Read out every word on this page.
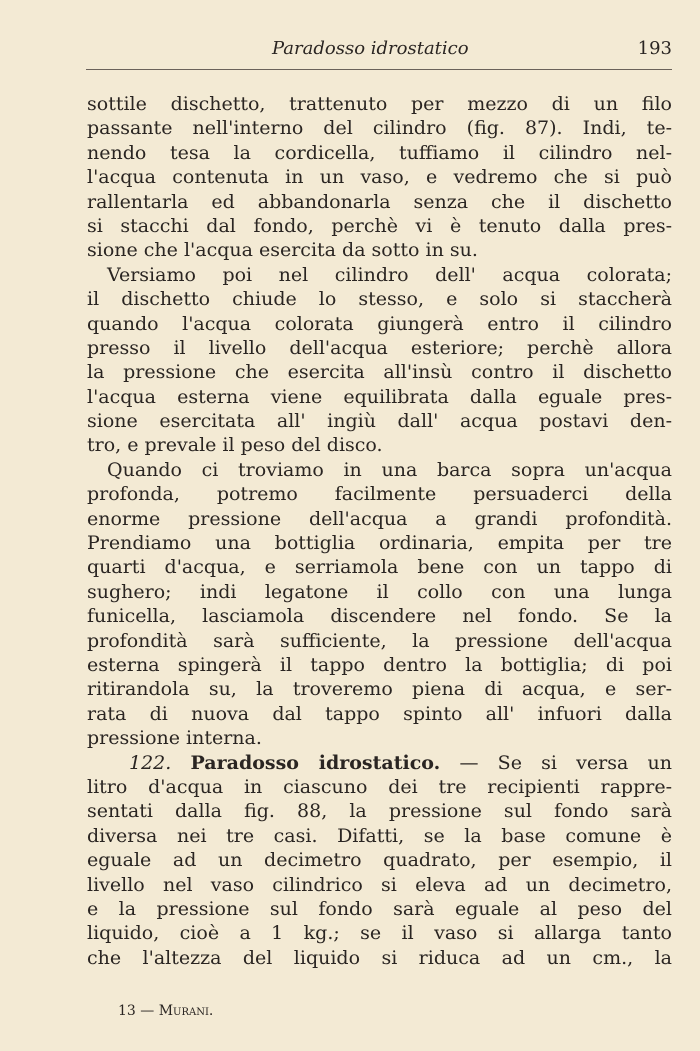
Paradosso idrostatico	193
sottile dischetto, trattenuto per mezzo di un filo
passante nell'interno del cilindro (fig. 87). Indi, te-
nendo tesa la cordicella, tuffiamo il cilindro nel-
l'acqua contenuta in un vaso, e vedremo che si può
rallentarla ed abbandonarla senza che il dischetto
si stacchi dal fondo, perchè vi è tenuto dalla pres-
sione che l'acqua esercita da sotto in su.
Versiamo poi nel cilindro dell' acqua colorata;
il dischetto chiude lo stesso, e solo si staccherà
quando l'acqua colorata giungerà entro il cilindro
presso il livello dell'acqua esteriore; perchè allora
la pressione che esercita all'insù contro il dischetto
l'acqua esterna viene equilibrata dalla eguale pres-
sione esercitata all' ingiù dall' acqua postavi den-
tro, e prevale il peso del disco.
Quando ci troviamo in una barca sopra un'acqua
profonda, potremo facilmente persuaderci della
enorme pressione dell'acqua a grandi profondità.
Prendiamo una bottiglia ordinaria, empita per tre
quarti d'acqua, e serriamola bene con un tappo di
sughero; indi legatone il collo con una lunga
funicella, lasciamola discendere nel fondo. Se la
profondità sarà sufficiente, la pressione dell'acqua
esterna spingerà il tappo dentro la bottiglia; di poi
ritirandola su, la troveremo piena di acqua, e ser-
rata di nuova dal tappo spinto all' infuori dalla
pressione interna.
122. Paradosso idrostatico. — Se si versa un
litro d'acqua in ciascuno dei tre recipienti rappre-
sentati dalla fig. 88, la pressione sul fondo sarà
diversa nei tre casi. Difatti, se la base comune è
eguale ad un decimetro quadrato, per esempio, il
livello nel vaso cilindrico si eleva ad un decimetro,
e la pressione sul fondo sarà eguale al peso del
liquido, cioè a 1 kg.; se il vaso si allarga tanto
che l'altezza del liquido si riduca ad un cm., la
13 — Murani.
